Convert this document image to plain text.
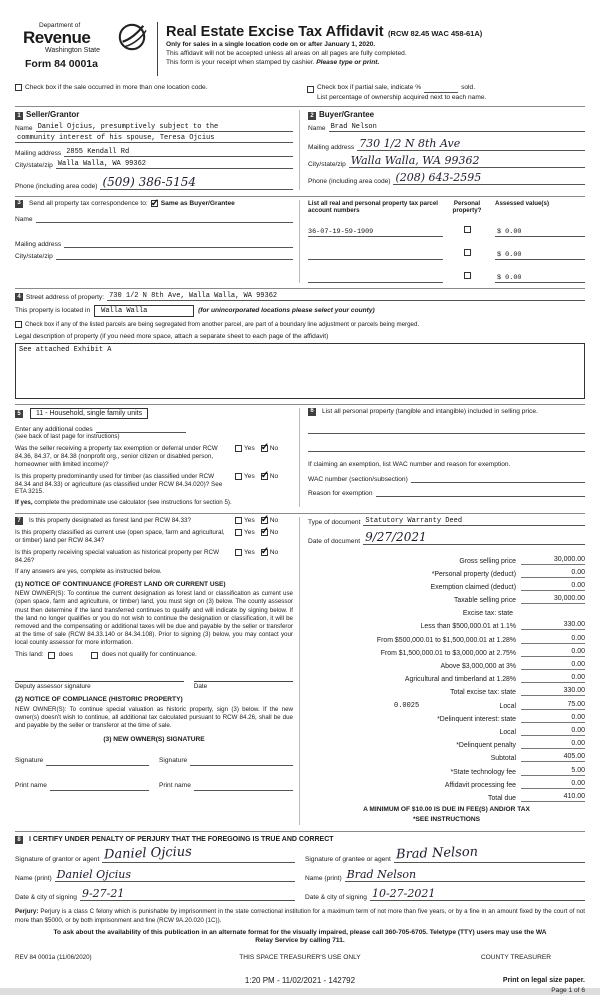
Department of
Revenue
Washington State
Form 84 0001a
Real Estate Excise Tax Affidavit (RCW 82.45 WAC 458-61A)
Only for sales in a single location code on or after January 1, 2020.
This affidavit will not be accepted unless all areas on all pages are fully completed.
This form is your receipt when stamped by cashier. Please type or print.
Check box if the sale occurred in more than one location code.	Check box if partial sale, indicate %	sold.
List percentage of ownership acquired next to each name.
1 Seller/Grantor
Name Daniel Ojcius, presumptively subject to the
community interest of his spouse, Teresa Ojcius
Mailing address 2855 Kendall Rd
City/state/zip Walla Walla, WA 99362
Phone (including area code) (509) 386-5154
2 Buyer/Grantee
Name Brad Nelson
Mailing address 730 1/2 N 8th Ave
City/state/zip Walla Walla, WA 99362
Phone (including area code) (208) 643-2595
3	Send all property tax correspondence to: ✓ Same as Buyer/Grantee
Name
Mailing address
City/state/zip
List all real and personal property tax parcel account numbers
Personal property?
Assessed value(s)
36-07-19-59-1909	$ 0.00
$ 0.00
$ 0.00
4 Street address of property: 730 1/2 N 8th Ave, Walla Walla, WA 99362
This property is located in	Walla Walla	(for unincorporated locations please select your county)
Check box if any of the listed parcels are being segregated from another parcel, are part of a boundary line adjustment or parcels being merged.
Legal description of property (if you need more space, attach a separate sheet to each page of the affidavit)
See attached Exhibit A
5	11 - Household, single family units
Enter any additional codes
(see back of last page for instructions)
Was the seller receiving a property tax exemption or deferral under RCW 84.36, 84.37, or 84.38 (nonprofit org., senior citizen or disabled person, homeowner with limited income)?
Yes ✓ No
Is this property predominantly used for timber (as classified under RCW 84.34 and 84.33) or agriculture (as classified under RCW 84.34.020)? See ETA 3215.
Yes ✓ No
If yes, complete the predominate use calculator (see instructions for section 5).
6	List all personal property (tangible and intangible) included in selling price.
If claiming an exemption, list WAC number and reason for exemption.
WAC number (section/subsection)
Reason for exemption
7	Is this property designated as forest land per RCW 84.33?	Yes ✓ No
Is this property classified as current use (open space, farm and agricultural, or timber) land per RCW 84.34?
Yes ✓ No
Is this property receiving special valuation as historical property per RCW 84.26?
Yes ✓ No
If any answers are yes, complete as instructed below.
(1) NOTICE OF CONTINUANCE (FOREST LAND OR CURRENT USE)
NEW OWNER(S): To continue the current designation as forest land or classification as current use (open space, farm and agriculture, or timber) land, you must sign on (3) below. The county assessor must then determine if the land transferred continues to qualify and will indicate by signing below. If the land no longer qualifies or you do not wish to continue the designation or classification, it will be removed and the compensating or additional taxes will be due and payable by the seller or transferor at the time of sale (RCW 84.33.140 or 84.34.108). Prior to signing (3) below, you may contact your local county assessor for more information.
This land: does	does not qualify for continuance.
Deputy assessor signature	Date
(2) NOTICE OF COMPLIANCE (HISTORIC PROPERTY)
NEW OWNER(S): To continue special valuation as historic property, sign (3) below. If the new owner(s) doesn't wish to continue, all additional tax calculated pursuant to RCW 84.26, shall be due and payable by the seller or transferor at the time of sale.
(3) NEW OWNER(S) SIGNATURE
Signature	Signature
Print name	Print name
Type of document Statutory Warranty Deed
Date of document 9/27/2021
Gross selling price	30,000.00
*Personal property (deduct)	0.00
Exemption claimed (deduct)	0.00
Taxable selling price	30,000.00
Excise tax: state
Less than $500,000.01 at 1.1%	330.00
From $500,000.01 to $1,500,000.01 at 1.28%	0.00
From $1,500,000.01 to $3,000,000 at 2.75%	0.00
Above $3,000,000 at 3%	0.00
Agricultural and timberland at 1.28%	0.00
Total excise tax: state	330.00
0.0025	Local	75.00
*Delinquent interest: state	0.00
Local	0.00
*Delinquent penalty	0.00
Subtotal	405.00
*State technology fee	5.00
Affidavit processing fee	0.00
Total due	410.00
A MINIMUM OF $10.00 IS DUE IN FEE(S) AND/OR TAX
*SEE INSTRUCTIONS
8	I CERTIFY UNDER PENALTY OF PERJURY THAT THE FOREGOING IS TRUE AND CORRECT
Signature of grantor or agent Daniel Ojcius
Name (print) Daniel Ojcius
Date & city of signing 9-27-21
Signature of grantee or agent Brad Nelson
Name (print) Brad Nelson
Date & city of signing 10-27-2021
Perjury: Perjury is a class C felony which is punishable by imprisonment in the state correctional institution for a maximum term of not more than five years, or by a fine in an amount fixed by the court of not more than $5000, or by both imprisonment and fine (RCW 9A.20.020 (1C)).
To ask about the availability of this publication in an alternate format for the visually impaired, please call 360-705-6705. Teletype (TTY) users may use the WA Relay Service by calling 711.
REV 84 0001a (11/06/2020)	THIS SPACE TREASURER'S USE ONLY	COUNTY TREASURER
1:20 PM - 11/02/2021 - 142792	Print on legal size paper.
Page 1 of 6
